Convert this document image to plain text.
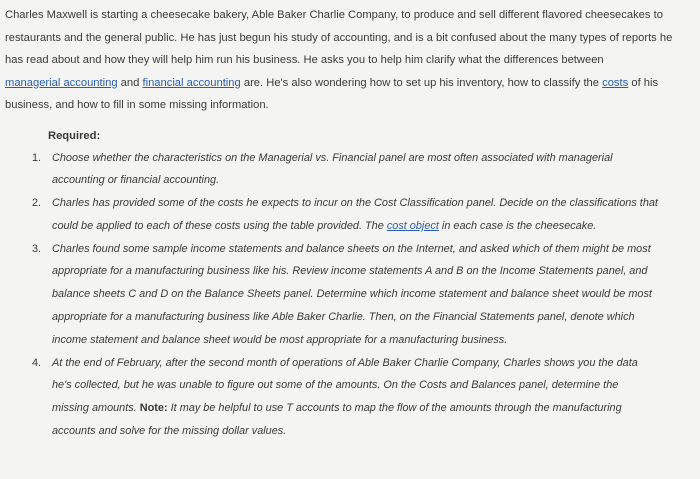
Charles Maxwell is starting a cheesecake bakery, Able Baker Charlie Company, to produce and sell different flavored cheesecakes to
restaurants and the general public. He has just begun his study of accounting, and is a bit confused about the many types of reports he
has read about and how they will help him run his business. He asks you to help him clarify what the differences between
managerial accounting and financial accounting are. He's also wondering how to set up his inventory, how to classify the costs of his
business, and how to fill in some missing information.

Required:
1. Choose whether the characteristics on the Managerial vs. Financial panel are most often associated with managerial
accounting or financial accounting.
2. Charles has provided some of the costs he expects to incur on the Cost Classification panel. Decide on the classifications that
could be applied to each of these costs using the table provided. The cost object in each case is the cheesecake.
3. Charles found some sample income statements and balance sheets on the Internet, and asked which of them might be most
appropriate for a manufacturing business like his. Review income statements A and B on the Income Statements panel, and
balance sheets C and D on the Balance Sheets panel. Determine which income statement and balance sheet would be most
appropriate for a manufacturing business like Able Baker Charlie. Then, on the Financial Statements panel, denote which
income statement and balance sheet would be most appropriate for a manufacturing business.
4. At the end of February, after the second month of operations of Able Baker Charlie Company, Charles shows you the data
he's collected, but he was unable to figure out some of the amounts. On the Costs and Balances panel, determine the
missing amounts. Note: It may be helpful to use T accounts to map the flow of the amounts through the manufacturing
accounts and solve for the missing dollar values.
